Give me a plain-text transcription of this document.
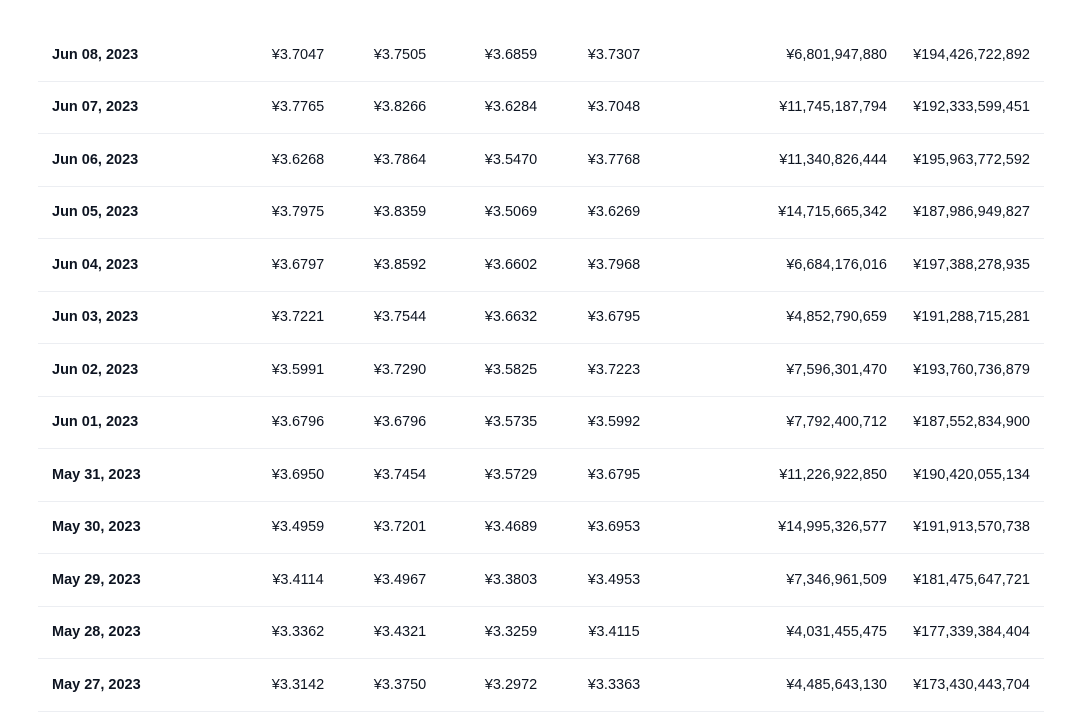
Jun 08, 2023	¥3.7047	¥3.7505	¥3.6859	¥3.7307	¥6,801,947,880	¥194,426,722,892
Jun 07, 2023	¥3.7765	¥3.8266	¥3.6284	¥3.7048	¥11,745,187,794	¥192,333,599,451
Jun 06, 2023	¥3.6268	¥3.7864	¥3.5470	¥3.7768	¥11,340,826,444	¥195,963,772,592
Jun 05, 2023	¥3.7975	¥3.8359	¥3.5069	¥3.6269	¥14,715,665,342	¥187,986,949,827
Jun 04, 2023	¥3.6797	¥3.8592	¥3.6602	¥3.7968	¥6,684,176,016	¥197,388,278,935
Jun 03, 2023	¥3.7221	¥3.7544	¥3.6632	¥3.6795	¥4,852,790,659	¥191,288,715,281
Jun 02, 2023	¥3.5991	¥3.7290	¥3.5825	¥3.7223	¥7,596,301,470	¥193,760,736,879
Jun 01, 2023	¥3.6796	¥3.6796	¥3.5735	¥3.5992	¥7,792,400,712	¥187,552,834,900
May 31, 2023	¥3.6950	¥3.7454	¥3.5729	¥3.6795	¥11,226,922,850	¥190,420,055,134
May 30, 2023	¥3.4959	¥3.7201	¥3.4689	¥3.6953	¥14,995,326,577	¥191,913,570,738
May 29, 2023	¥3.4114	¥3.4967	¥3.3803	¥3.4953	¥7,346,961,509	¥181,475,647,721
May 28, 2023	¥3.3362	¥3.4321	¥3.3259	¥3.4115	¥4,031,455,475	¥177,339,384,404
May 27, 2023	¥3.3142	¥3.3750	¥3.2972	¥3.3363	¥4,485,643,130	¥173,430,443,704
